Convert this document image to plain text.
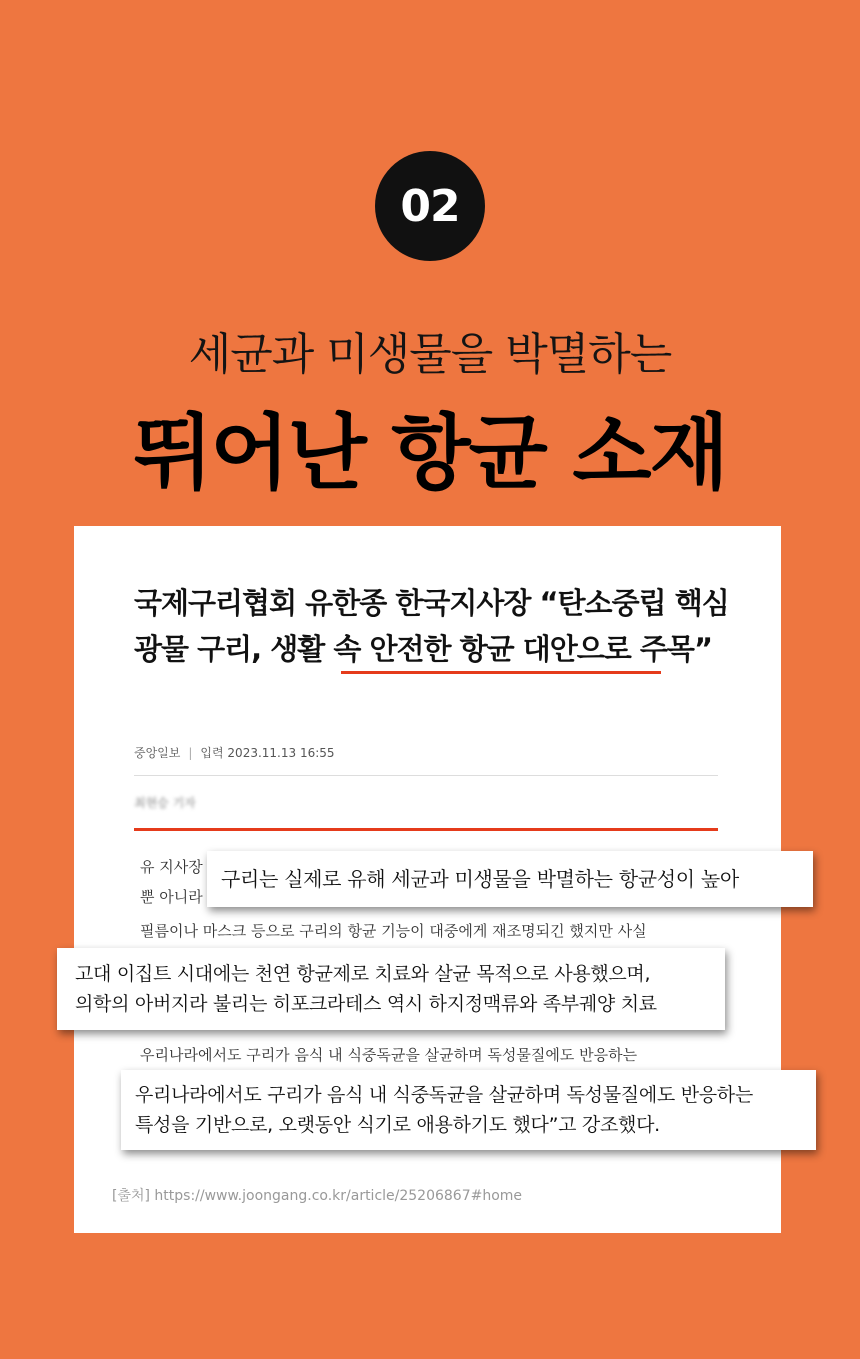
02
세균과 미생물을 박멸하는
뛰어난 항균 소재
국제구리협회 유한종 한국지사장 “탄소중립 핵심 광물 구리, 생활 속 안전한 항균 대안으로 주목”
중앙일보 | 입력 2023.11.13 16:55
최현승 기자
유 지사장
뿐 아니라
필름이나 마스크 등으로 구리의 항균 기능이 대중에게 재조명되긴 했지만 사실
우리나라에서도 구리가 음식 내 식중독균을 살균하며 독성물질에도 반응하는
[출처] https://www.joongang.co.kr/article/25206867#home
구리는 실제로 유해 세균과 미생물을 박멸하는 항균성이 높아
고대 이집트 시대에는 천연 항균제로 치료와 살균 목적으로 사용했으며,
의학의 아버지라 불리는 히포크라테스 역시 하지정맥류와 족부궤양 치료
우리나라에서도 구리가 음식 내 식중독균을 살균하며 독성물질에도 반응하는
특성을 기반으로, 오랫동안 식기로 애용하기도 했다”고 강조했다.
